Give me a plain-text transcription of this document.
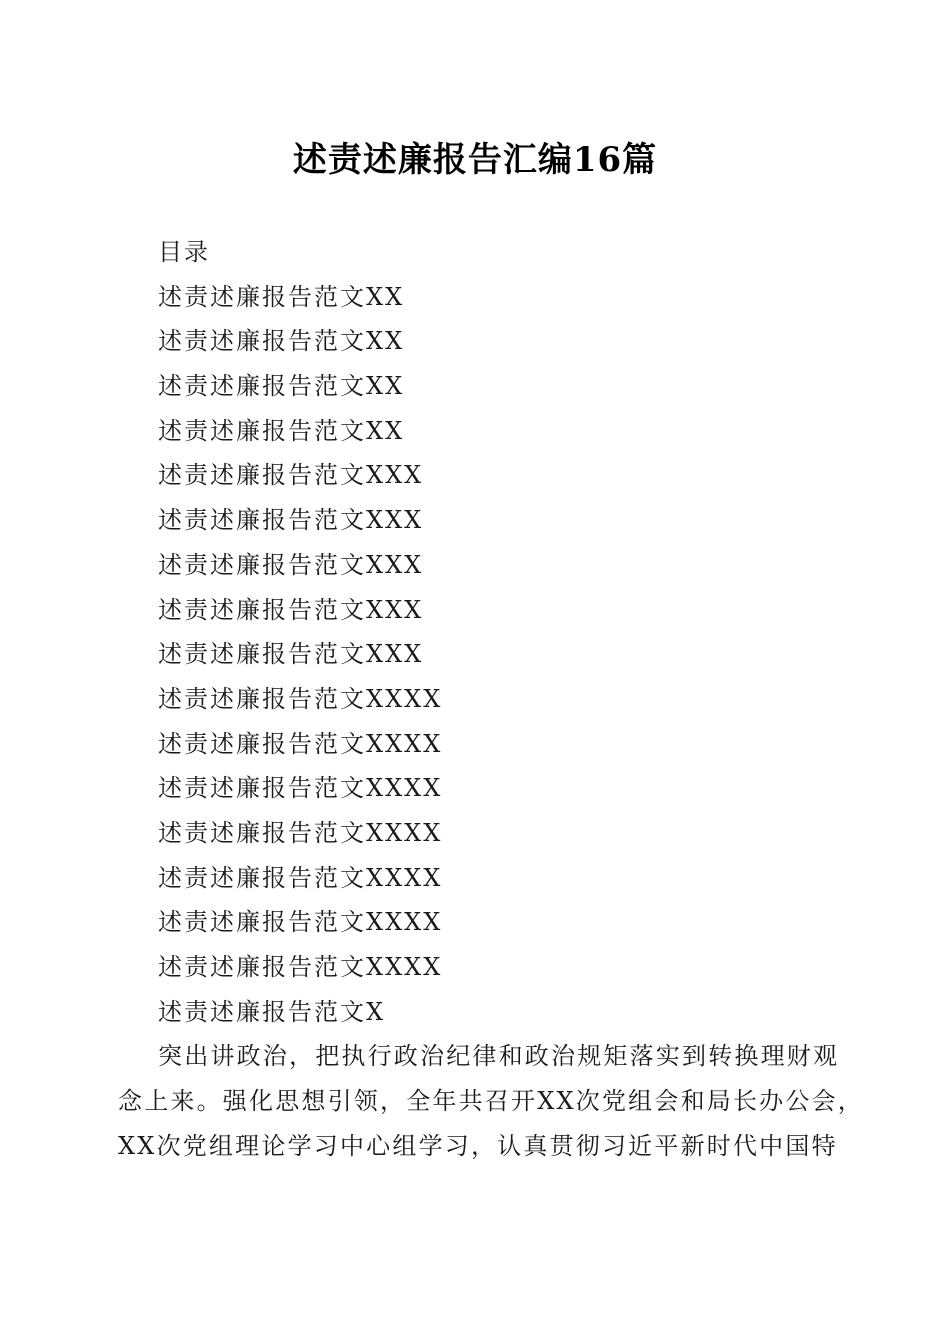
述责述廉报告汇编16篇
目录
述责述廉报告范文XX
述责述廉报告范文XX
述责述廉报告范文XX
述责述廉报告范文XX
述责述廉报告范文XXX
述责述廉报告范文XXX
述责述廉报告范文XXX
述责述廉报告范文XXX
述责述廉报告范文XXX
述责述廉报告范文XXXX
述责述廉报告范文XXXX
述责述廉报告范文XXXX
述责述廉报告范文XXXX
述责述廉报告范文XXXX
述责述廉报告范文XXXX
述责述廉报告范文XXXX
述责述廉报告范文X
突出讲政治，把执行政治纪律和政治规矩落实到转换理财观
念上来。强化思想引领，全年共召开XX次党组会和局长办公会，
XX次党组理论学习中心组学习，认真贯彻习近平新时代中国特
